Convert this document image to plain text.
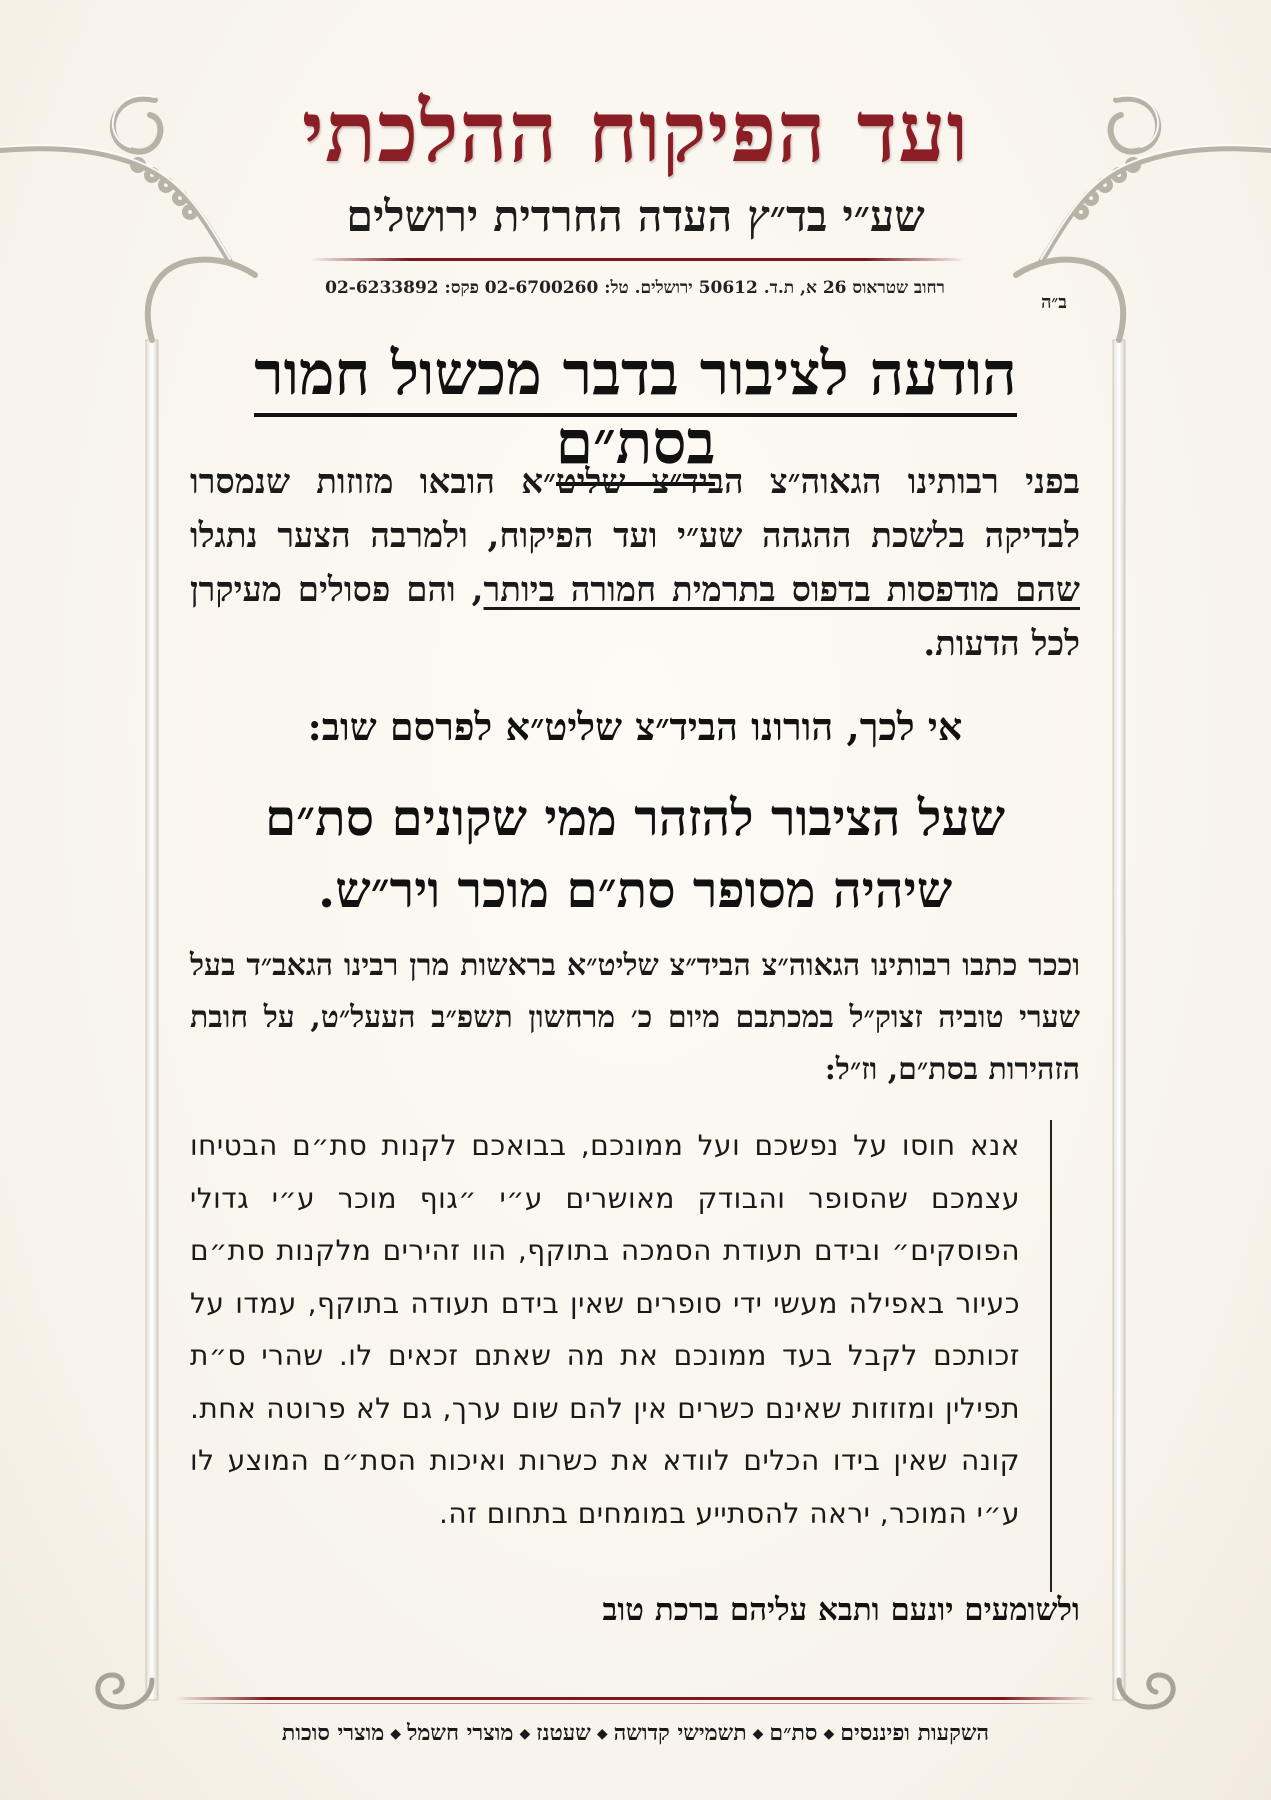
ועד הפיקוח ההלכתי
שע״י בד״ץ העדה החרדית ירושלים
רחוב שטראוס 26 א, ת.ד. 50612 ירושלים. טל: 02-6700260 פקס: 02-6233892
ב״ה
הודעה לציבור בדבר מכשול חמור בסת״ם
בפני רבותינו הגאוה״צ הביד״צ שליט״א הובאו מזוזות שנמסרו לבדיקה בלשכת ההגהה שע״י ועד הפיקוח, ולמרבה הצער נתגלו שהם מודפסות בדפוס בתרמית חמורה ביותר, והם פסולים מעיקרן לכל הדעות.
אי לכך, הורונו הביד״צ שליט״א לפרסם שוב:
שעל הציבור להזהר ממי שקונים סת״ם
שיהיה מסופר סת״ם מוכר ויר״ש.
וככר כתבו רבותינו הגאוה״צ הביד״צ שליט״א בראשות מרן רבינו הגאב״ד בעל שערי טוביה זצוק״ל במכתבם מיום כ׳ מרחשון תשפ״ב העעל״ט, על חובת הזהירות בסת״ם, וז״ל:
אנא חוסו על נפשכם ועל ממונכם, בבואכם לקנות סת״ם הבטיחו עצמכם שהסופר והבודק מאושרים ע״י ״גוף מוכר ע״י גדולי הפוסקים״ ובידם תעודת הסמכה בתוקף, הוו זהירים מלקנות סת״ם כעיור באפילה מעשי ידי סופרים שאין בידם תעודה בתוקף, עמדו על זכותכם לקבל בעד ממונכם את מה שאתם זכאים לו. שהרי ס״ת תפילין ומזוזות שאינם כשרים אין להם שום ערך, גם לא פרוטה אחת. קונה שאין בידו הכלים לוודא את כשרות ואיכות הסת״ם המוצע לו ע״י המוכר, יראה להסתייע במומחים בתחום זה.
ולשומעים יונעם ותבא עליהם ברכת טוב
השקעות ופיננסים◆סת״ם◆תשמישי קדושה◆שעטנז◆מוצרי חשמל◆מוצרי סוכות
